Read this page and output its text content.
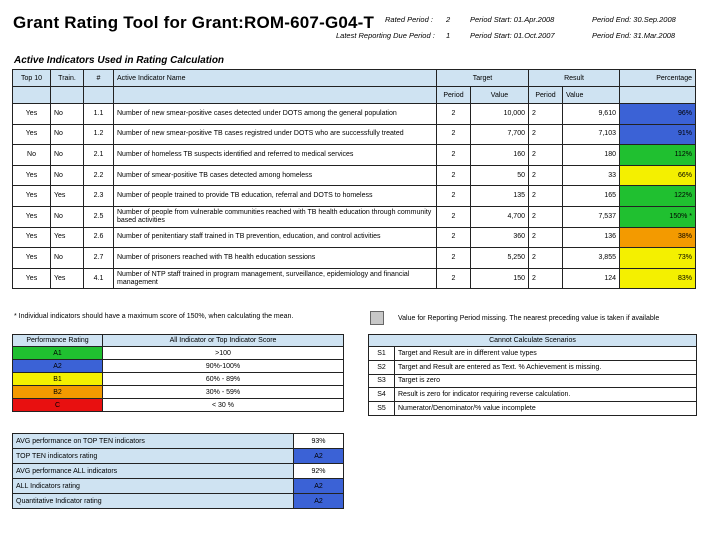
Grant Rating Tool for Grant:ROM-607-G04-T Rated Period : 2	Period Start: 01.Apr.2008	Period End: 30.Sep.2008
Latest Reporting Due Period : 1	Period Start: 01.Oct.2007	Period End: 31.Mar.2008
Active Indicators Used in Rating Calculation
Top 10	Train.	#	Active Indicator Name	Target		Result		Percentage
				Period	Value	Period	Value	
Yes	No	1.1	Number of new smear-positive cases detected under DOTS among the general population	2	10,000	2	9,610	96%
Yes	No	1.2	Number of new smear-positive TB cases registred under DOTS who are successfully treated	2	7,700	2	7,103	91%
No	No	2.1	Number of homeless TB suspects identified and referred to medical services	2	160	2	180	112%
Yes	No	2.2	Number of smear-positive TB cases detected among homeless	2	50	2	33	66%
Yes	Yes	2.3	Number of people trained to provide TB education, referral and DOTS to homeless	2	135	2	165	122%
Yes	No	2.5	Number of people from vulnerable communities reached with TB health education through community based activities	2	4,700	2	7,537	150% *
Yes	Yes	2.6	Number of penitentiary staff trained in TB prevention, education, and control activities	2	360	2	136	38%
Yes	No	2.7	Number of prisoners reached with TB health education sessions	2	5,250	2	3,855	73%
Yes	Yes	4.1	Number of NTP staff trained in program management, surveillance, epidemiology and financial management	2	150	2	124	83%
* Individual indicators should have a maximum score of 150%, when calculating the mean.	Value for Reporting Period missing. The nearest preceding value is taken if available
Performance Rating	All Indicator or Top Indicator Score
A1	>100
A2	90%-100%
B1	60% - 89%
B2	30% - 59%
C	< 30 %
Cannot Calculate Scenarios	
S1	Target and Result are in different value types
S2	Target and Result are entered as Text. % Achievement is missing.
S3	Target is zero
S4	Result is zero for indicator requiring reverse calculation.
S5	Numerator/Denominator/% value incomplete
AVG performance on TOP TEN indicators	93%
TOP TEN indicators rating	A2
AVG performance ALL indicators	92%
ALL Indicators rating	A2
Quantitative Indicator rating	A2
